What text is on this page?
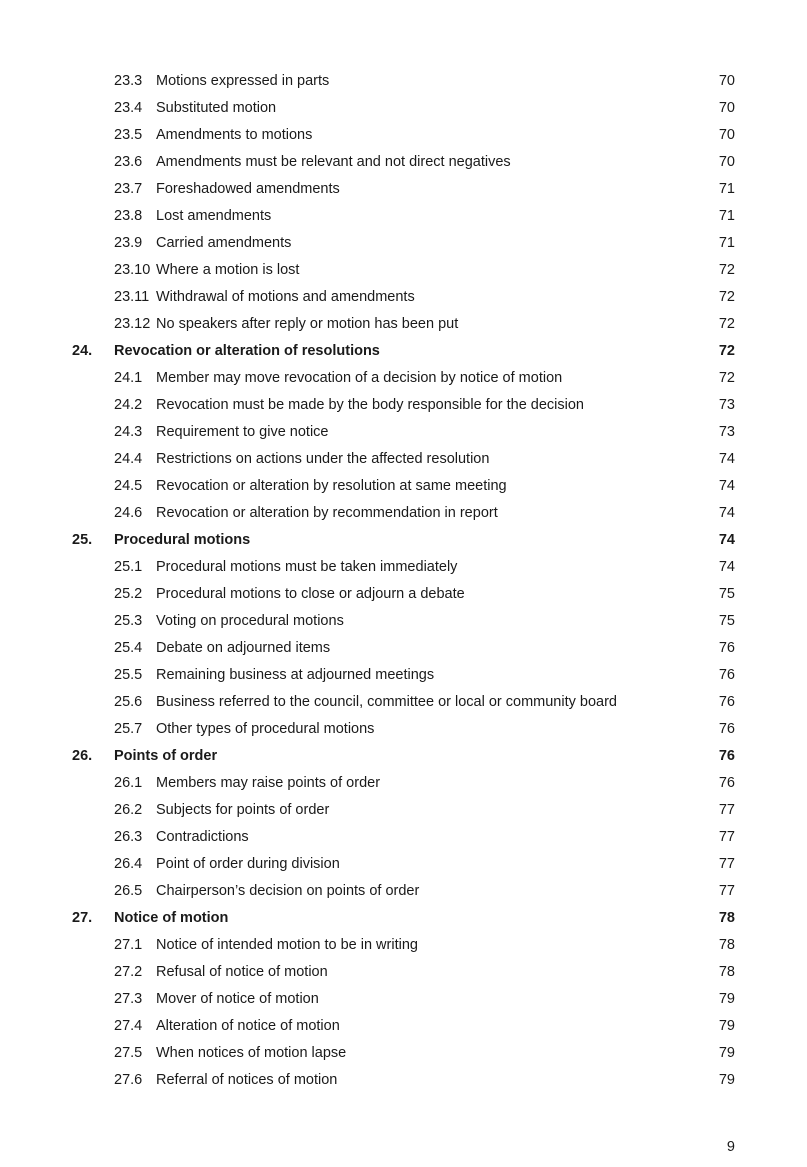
23.3 Motions expressed in parts	70
23.4 Substituted motion	70
23.5 Amendments to motions	70
23.6 Amendments must be relevant and not direct negatives	70
23.7 Foreshadowed amendments	71
23.8 Lost amendments	71
23.9 Carried amendments	71
23.10 Where a motion is lost	72
23.11 Withdrawal of motions and amendments	72
23.12 No speakers after reply or motion has been put	72
24. Revocation or alteration of resolutions	72
24.1 Member may move revocation of a decision by notice of motion	72
24.2 Revocation must be made by the body responsible for the decision	73
24.3 Requirement to give notice	73
24.4 Restrictions on actions under the affected resolution	74
24.5 Revocation or alteration by resolution at same meeting	74
24.6 Revocation or alteration by recommendation in report	74
25. Procedural motions	74
25.1 Procedural motions must be taken immediately	74
25.2 Procedural motions to close or adjourn a debate	75
25.3 Voting on procedural motions	75
25.4 Debate on adjourned items	76
25.5 Remaining business at adjourned meetings	76
25.6 Business referred to the council, committee or local or community board	76
25.7 Other types of procedural motions	76
26. Points of order	76
26.1 Members may raise points of order	76
26.2 Subjects for points of order	77
26.3 Contradictions	77
26.4 Point of order during division	77
26.5 Chairperson’s decision on points of order	77
27. Notice of motion	78
27.1 Notice of intended motion to be in writing	78
27.2 Refusal of notice of motion	78
27.3 Mover of notice of motion	79
27.4 Alteration of notice of motion	79
27.5 When notices of motion lapse	79
27.6 Referral of notices of motion	79
9
